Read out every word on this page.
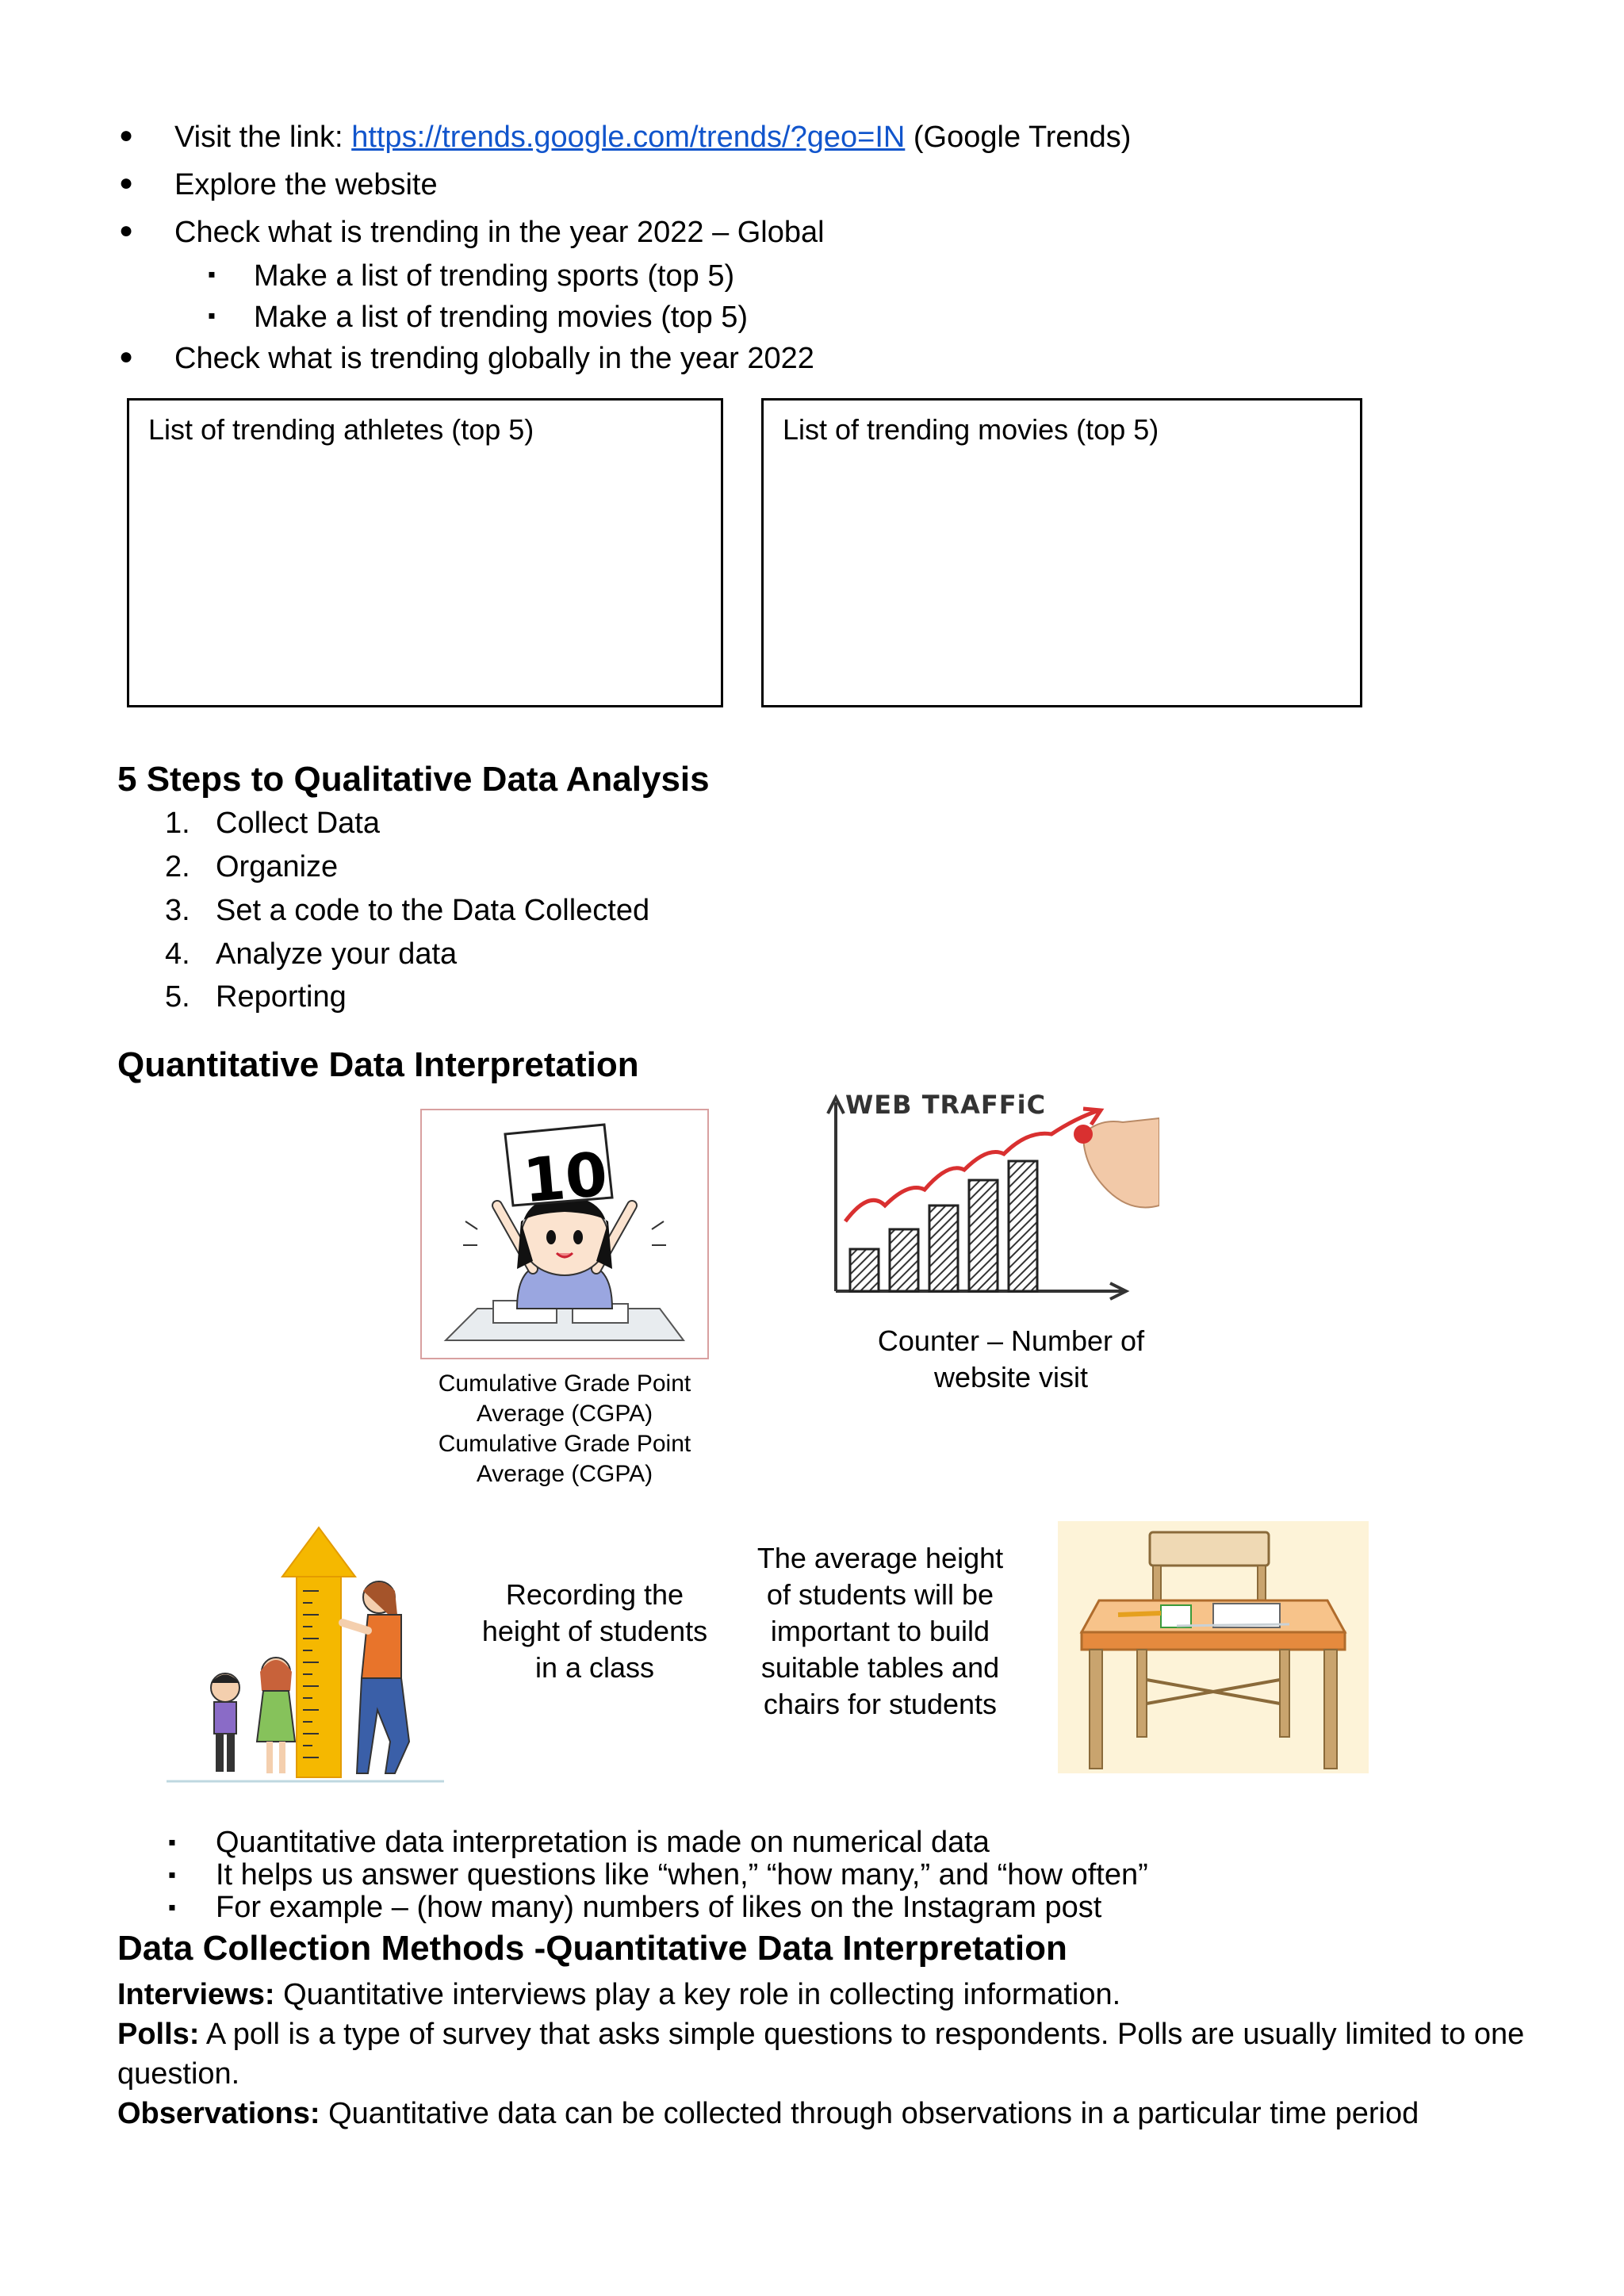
● Visit the link: https://trends.google.com/trends/?geo=IN (Google Trends)
● Explore the website
● Check what is trending in the year 2022 – Global
▪ Make a list of trending sports (top 5)
▪ Make a list of trending movies (top 5)
● Check what is trending globally in the year 2022
List of trending athletes (top 5)	List of trending movies (top 5)
5 Steps to Qualitative Data Analysis
1. Collect Data
2. Organize
3. Set a code to the Data Collected
4. Analyze your data
5. Reporting
Quantitative Data Interpretation
10
Cumulative Grade Point
Average (CGPA)
Cumulative Grade Point
Average (CGPA)
WEB TRAFFiC
Counter – Number of
website visit
Recording the
height of students
in a class
The average height
of students will be
important to build
suitable tables and
chairs for students
▪ Quantitative data interpretation is made on numerical data
▪ It helps us answer questions like “when,” “how many,” and “how often”
▪ For example – (how many) numbers of likes on the Instagram post
Data Collection Methods -Quantitative Data Interpretation
Interviews: Quantitative interviews play a key role in collecting information.
Polls: A poll is a type of survey that asks simple questions to respondents. Polls are usually limited to one question.
Observations: Quantitative data can be collected through observations in a particular time period
